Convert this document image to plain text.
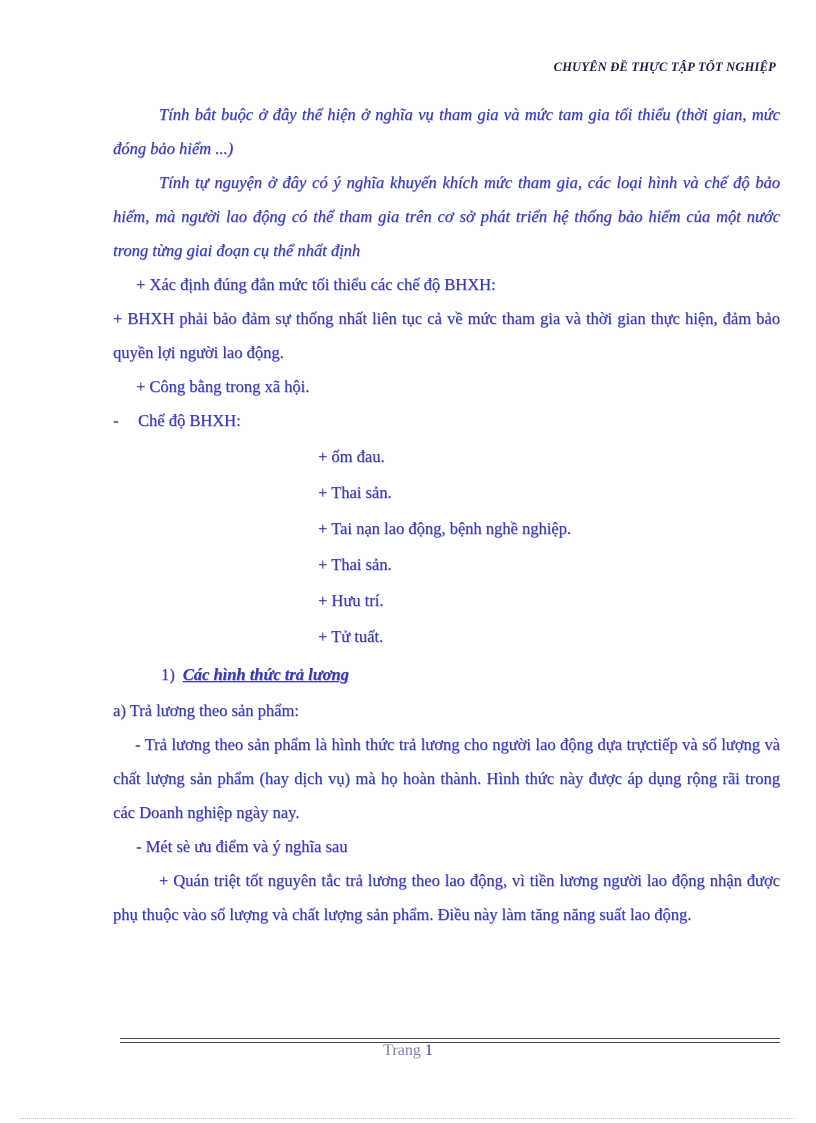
CHUYÊN ĐỀ THỰC TẬP TỐT NGHIỆP

Tính bắt buộc ở đây thể hiện ở nghĩa vụ tham gia và mức tam gia tối thiểu (thời gian, mức đóng bảo hiểm ...)

Tính tự nguyện ở đây có ý nghĩa khuyến khích mức tham gia, các loại hình và chế độ bảo hiểm, mà người lao động có thể tham gia trên cơ sở phát triển hệ thống bảo hiểm của một nước trong từng giai đoạn cụ thể nhất định

+ Xác định đúng đắn mức tối thiểu các chế độ BHXH:

+ BHXH phải bảo đảm sự thống nhất liên tục cả về mức tham gia và thời gian thực hiện, đảm bảo quyền lợi người lao động.

+ Công bằng trong xã hội.

-	Chế độ BHXH:
+ ốm đau.
+ Thai sản.
+ Tai nạn lao động, bệnh nghề nghiệp.
+ Thai sản.
+ Hưu trí.
+ Tử tuất.
1) Các hình thức trả lương

a) Trả lương theo sản phẩm:

- Trả lương theo sản phẩm là hình thức trả lương cho người lao động dựa trựctiếp và số lượng và chất lượng sản phẩm (hay dịch vụ) mà họ hoàn thành. Hình thức này được áp dụng rộng rãi trong các Doanh nghiệp ngày nay.

- Mét sè ưu điểm và ý nghĩa sau

+ Quán triệt tốt nguyên tắc trả lương theo lao động, vì tiền lương người lao động nhận được phụ thuộc vào số lượng và chất lượng sản phẩm. Điều này làm tăng năng suất lao động.

Trang 1
